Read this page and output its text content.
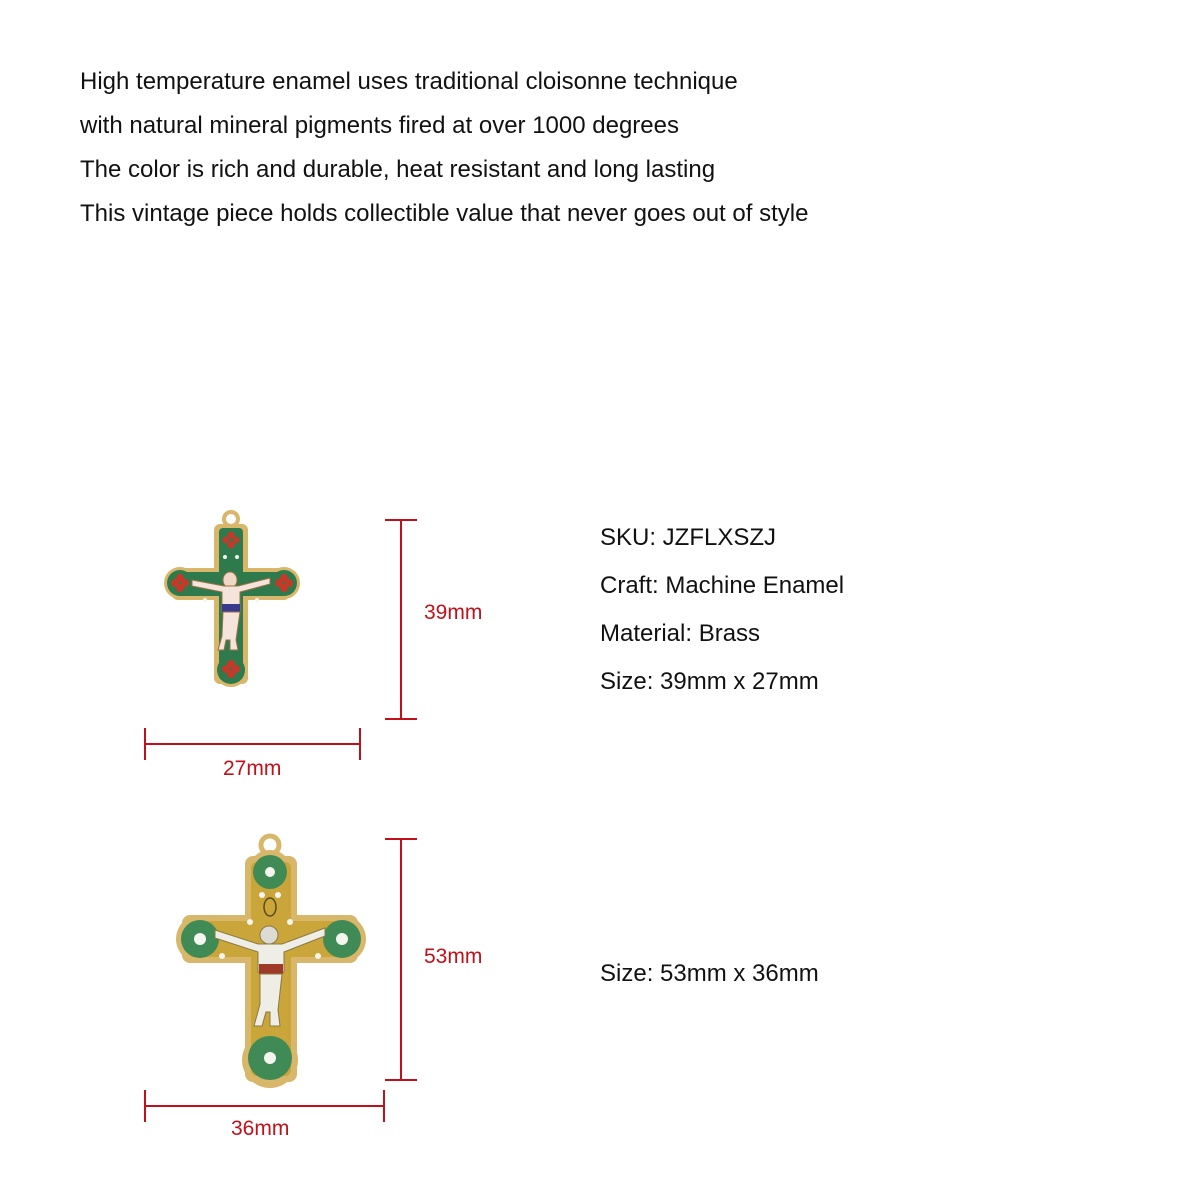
High temperature enamel uses traditional cloisonne technique
with natural mineral pigments fired at over 1000 degrees
The color is rich and durable, heat resistant and long lasting
This vintage piece holds collectible value that never goes out of style
39mm
27mm
53mm
36mm
SKU: JZFLXSZJ
Craft: Machine Enamel
Material: Brass
Size: 39mm x 27mm
Size: 53mm x 36mm
